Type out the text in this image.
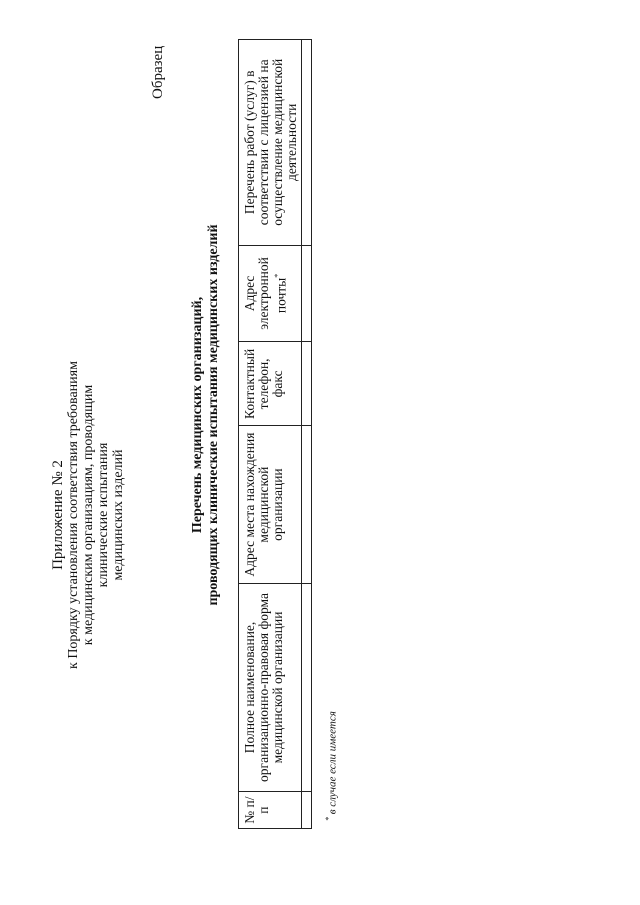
Приложение № 2 к Порядку установления соответствия требованиям к медицинским организациям, проводящим клинические испытания медицинских изделий
Образец
Перечень медицинских организаций, проводящих клинические испытания медицинских изделий
№ п/п	Полное наименование, организационно-правовая форма медицинской организации	Адрес места нахождения медицинской организации	Контактный телефон, факс	Адрес электронной почты*	Перечень работ (услуг) в соответствии с лицензией на осуществление медицинской деятельности

* в случае если имеется
